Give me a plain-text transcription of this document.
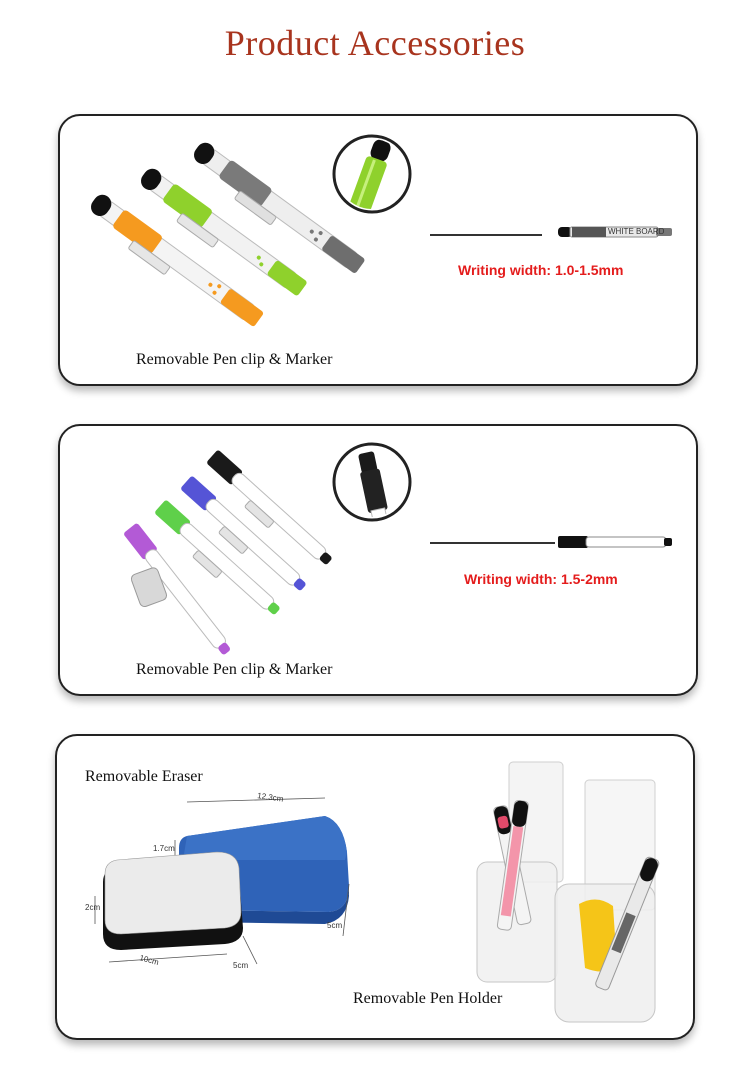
Product Accessories
WHITE BOARD
Writing width: 1.0-1.5mm
Removable Pen clip & Marker
Writing width: 1.5-2mm
Removable Pen clip & Marker
Removable Eraser
12.3cm
1.7cm
5cm
2cm
10cm	5cm
Removable Pen Holder
